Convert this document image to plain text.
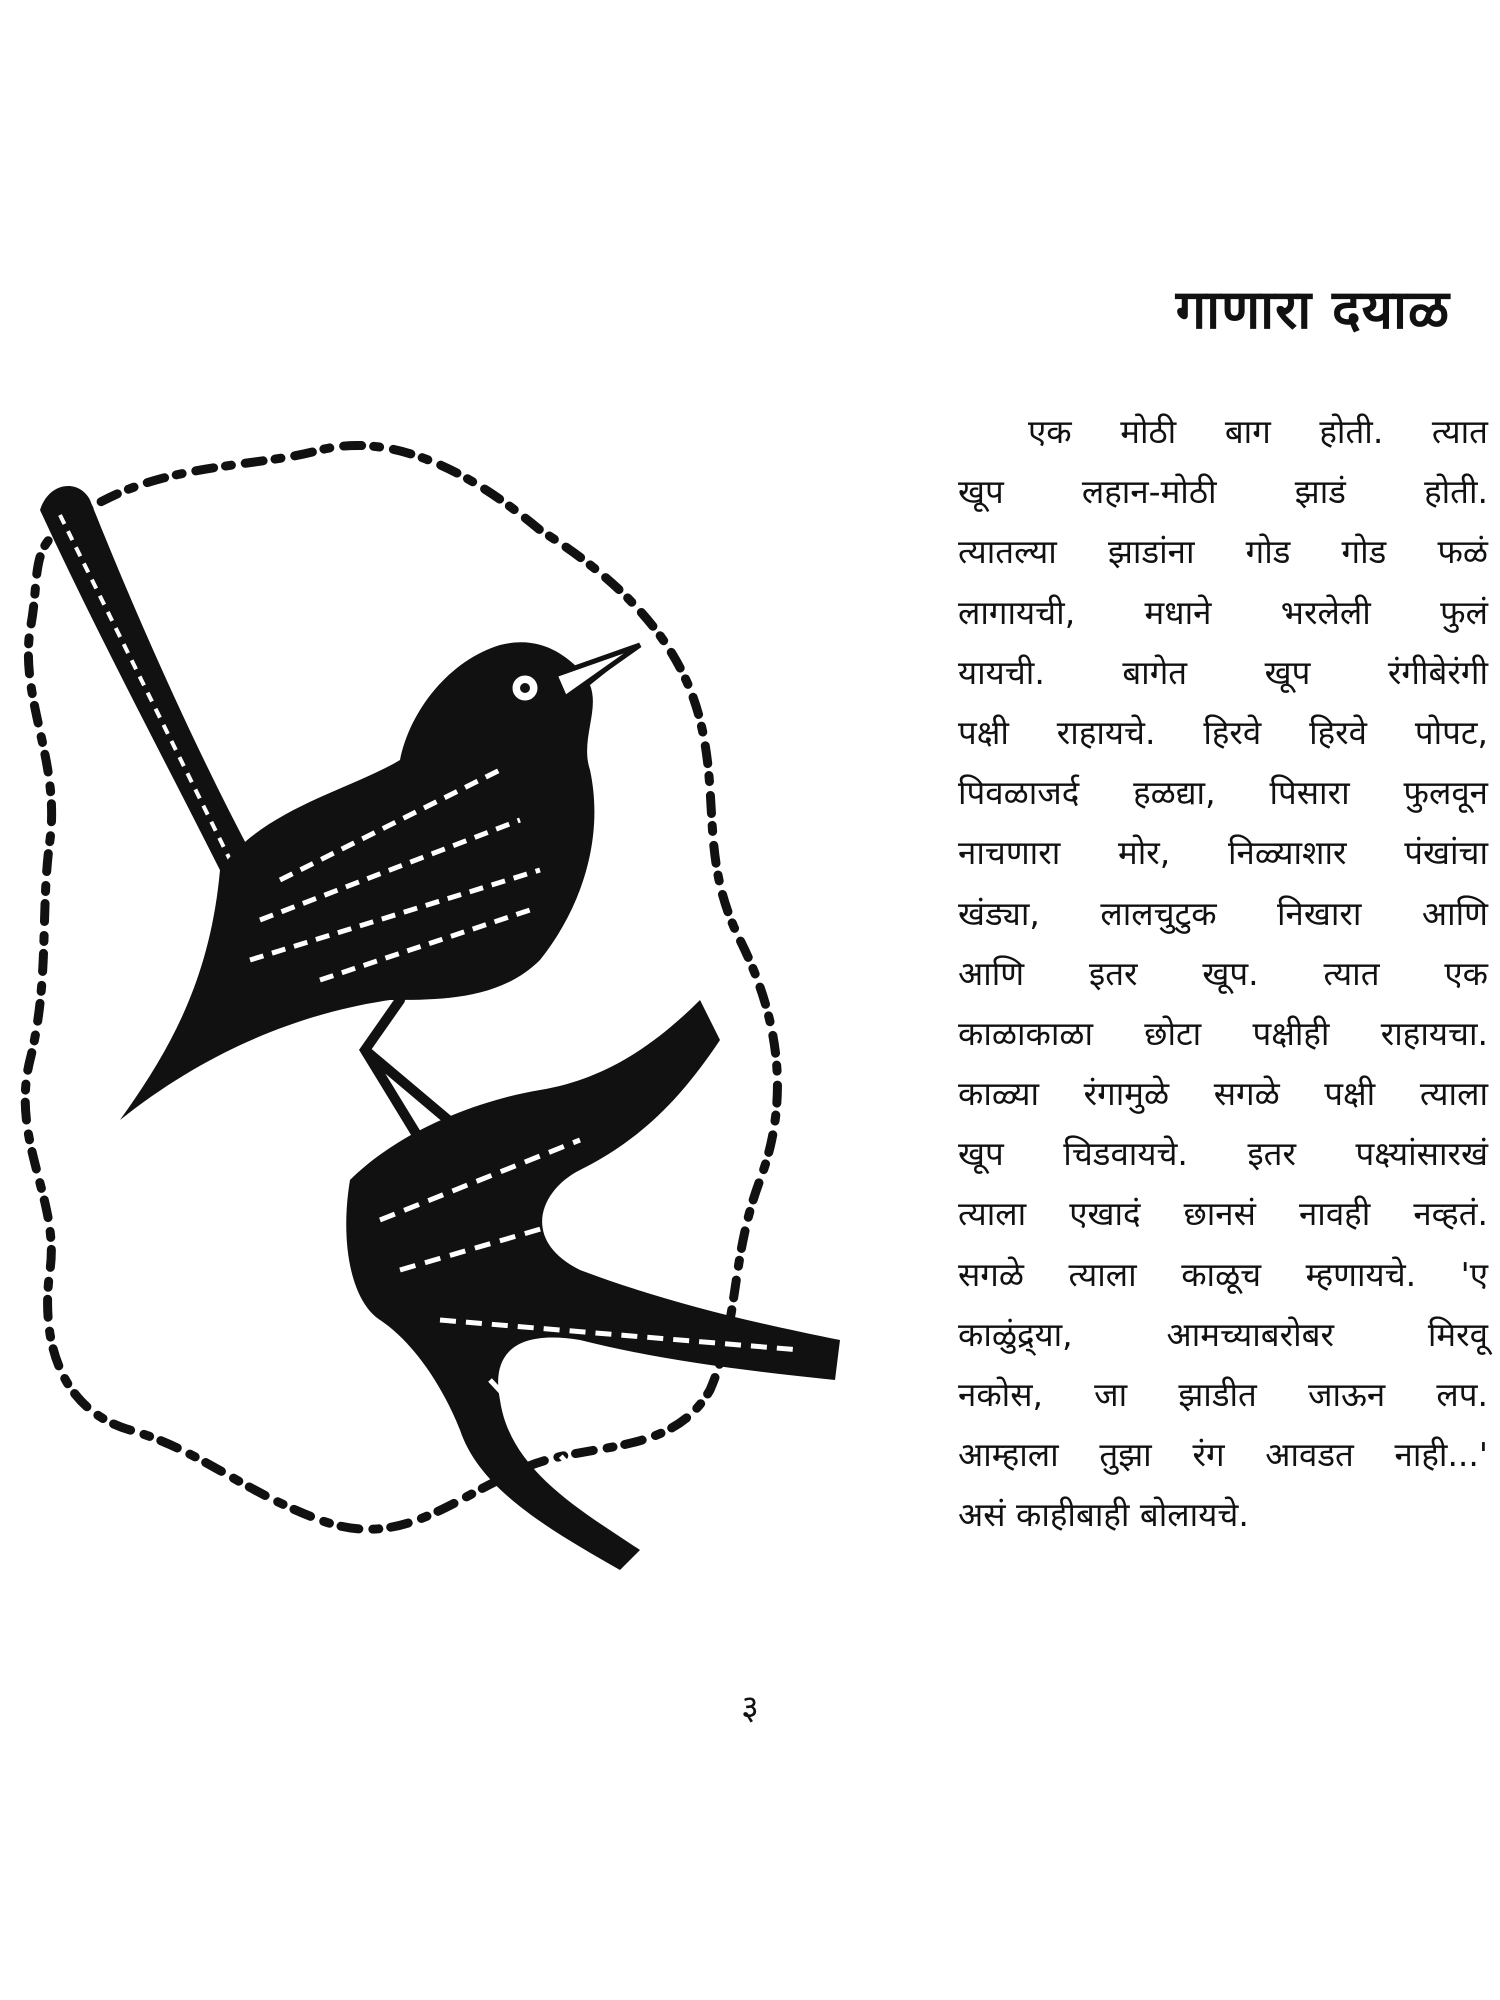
गाणारा दयाळ
एक मोठी बाग होती. त्यात
खूप लहान-मोठी झाडं होती.
त्यातल्या झाडांना गोड गोड फळं
लागायची, मधाने भरलेली फुलं
यायची. बागेत खूप रंगीबेरंगी
पक्षी राहायचे. हिरवे हिरवे पोपट,
पिवळाजर्द हळद्या, पिसारा फुलवून
नाचणारा मोर, निळ्याशार पंखांचा
खंड्या, लालचुटुक निखारा आणि
आणि इतर खूप. त्यात एक
काळाकाळा छोटा पक्षीही राहायचा.
काळ्या रंगामुळे सगळे पक्षी त्याला
खूप चिडवायचे. इतर पक्ष्यांसारखं
त्याला एखादं छानसं नावही नव्हतं.
सगळे त्याला काळूच म्हणायचे. 'ए
काळुंद्र्या, आमच्याबरोबर मिरवू
नकोस, जा झाडीत जाऊन लप.
आम्हाला तुझा रंग आवडत नाही...'
असं काहीबाही बोलायचे.
३
